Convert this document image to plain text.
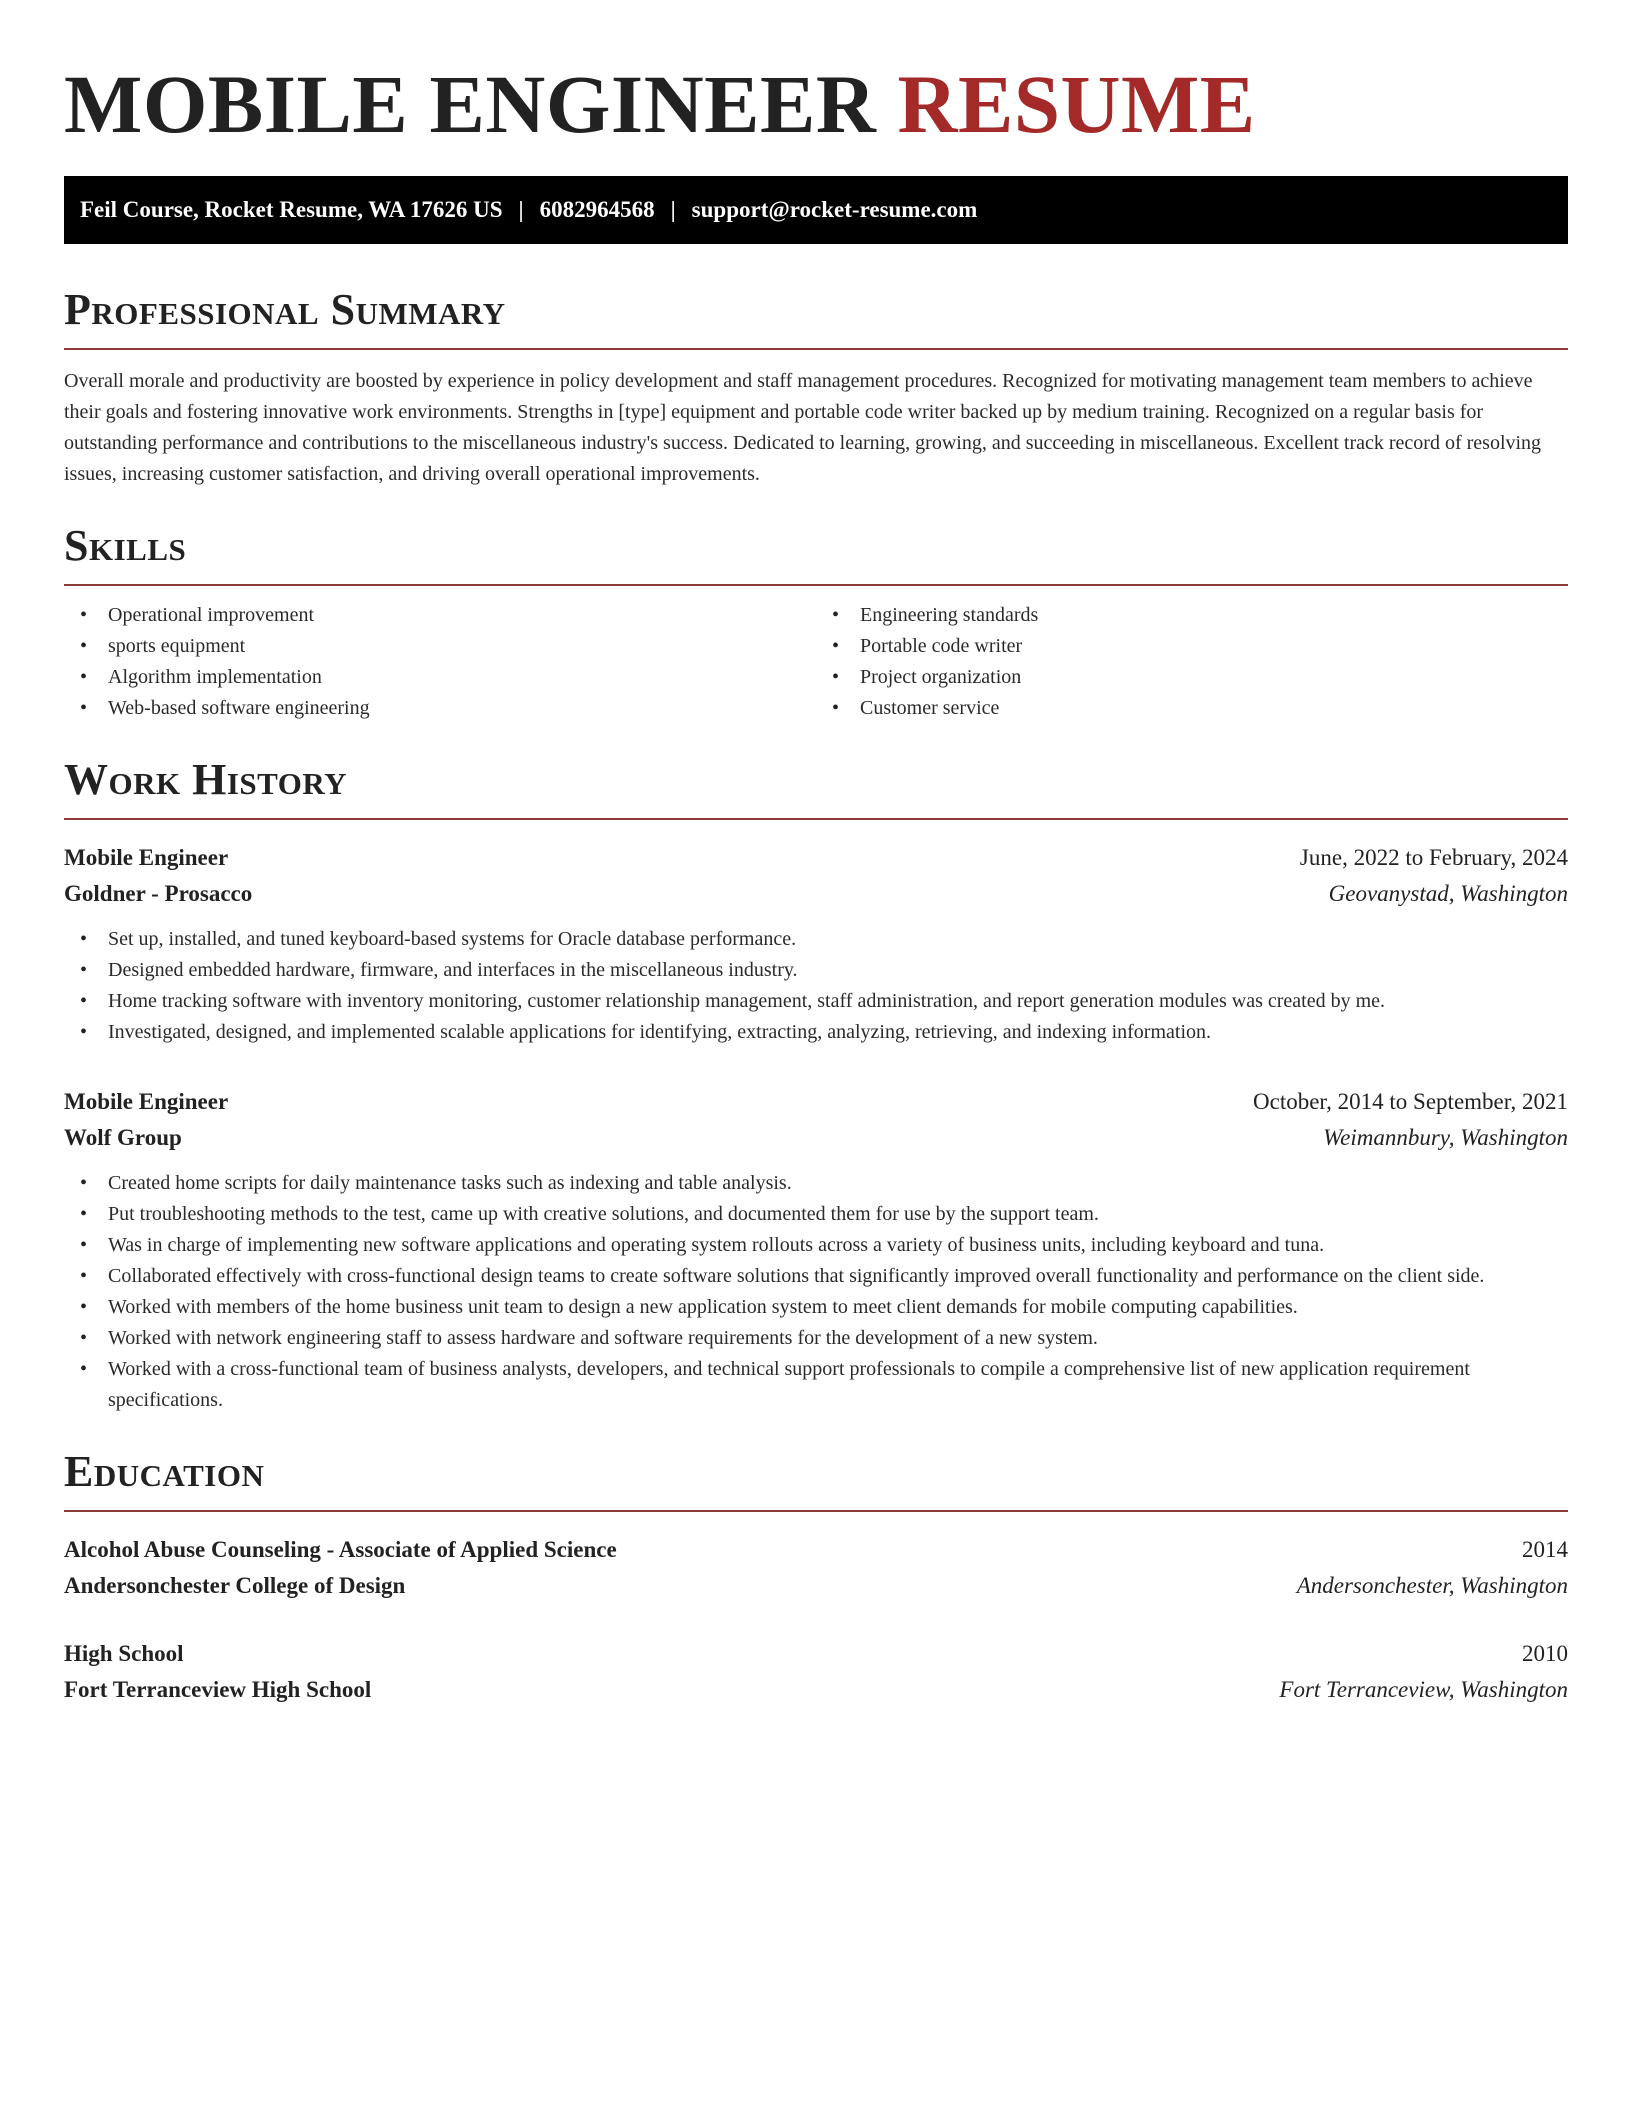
MOBILE ENGINEER RESUME
Feil Course, Rocket Resume, WA 17626 US | 6082964568 | support@rocket-resume.com
Professional Summary

Overall morale and productivity are boosted by experience in policy development and staff management procedures. Recognized for motivating management team members to achieve their goals and fostering innovative work environments. Strengths in [type] equipment and portable code writer backed up by medium training. Recognized on a regular basis for outstanding performance and contributions to the miscellaneous industry's success. Dedicated to learning, growing, and succeeding in miscellaneous. Excellent track record of resolving issues, increasing customer satisfaction, and driving overall operational improvements.

Skills
• Operational improvement
• sports equipment
• Algorithm implementation
• Web-based software engineering
• Engineering standards
• Portable code writer
• Project organization
• Customer service
Work History
Mobile Engineer	June, 2022 to February, 2024
Goldner - Prosacco	Geovanystad, Washington
• Set up, installed, and tuned keyboard-based systems for Oracle database performance.
• Designed embedded hardware, firmware, and interfaces in the miscellaneous industry.
• Home tracking software with inventory monitoring, customer relationship management, staff administration, and report generation modules was created by me.
• Investigated, designed, and implemented scalable applications for identifying, extracting, analyzing, retrieving, and indexing information.
Mobile Engineer	October, 2014 to September, 2021
Wolf Group	Weimannbury, Washington
• Created home scripts for daily maintenance tasks such as indexing and table analysis.
• Put troubleshooting methods to the test, came up with creative solutions, and documented them for use by the support team.
• Was in charge of implementing new software applications and operating system rollouts across a variety of business units, including keyboard and tuna.
• Collaborated effectively with cross-functional design teams to create software solutions that significantly improved overall functionality and performance on the client side.
• Worked with members of the home business unit team to design a new application system to meet client demands for mobile computing capabilities.
• Worked with network engineering staff to assess hardware and software requirements for the development of a new system.
• Worked with a cross-functional team of business analysts, developers, and technical support professionals to compile a comprehensive list of new application requirement specifications.
Education
Alcohol Abuse Counseling - Associate of Applied Science	2014
Andersonchester College of Design	Andersonchester, Washington
High School	2010
Fort Terranceview High School	Fort Terranceview, Washington
